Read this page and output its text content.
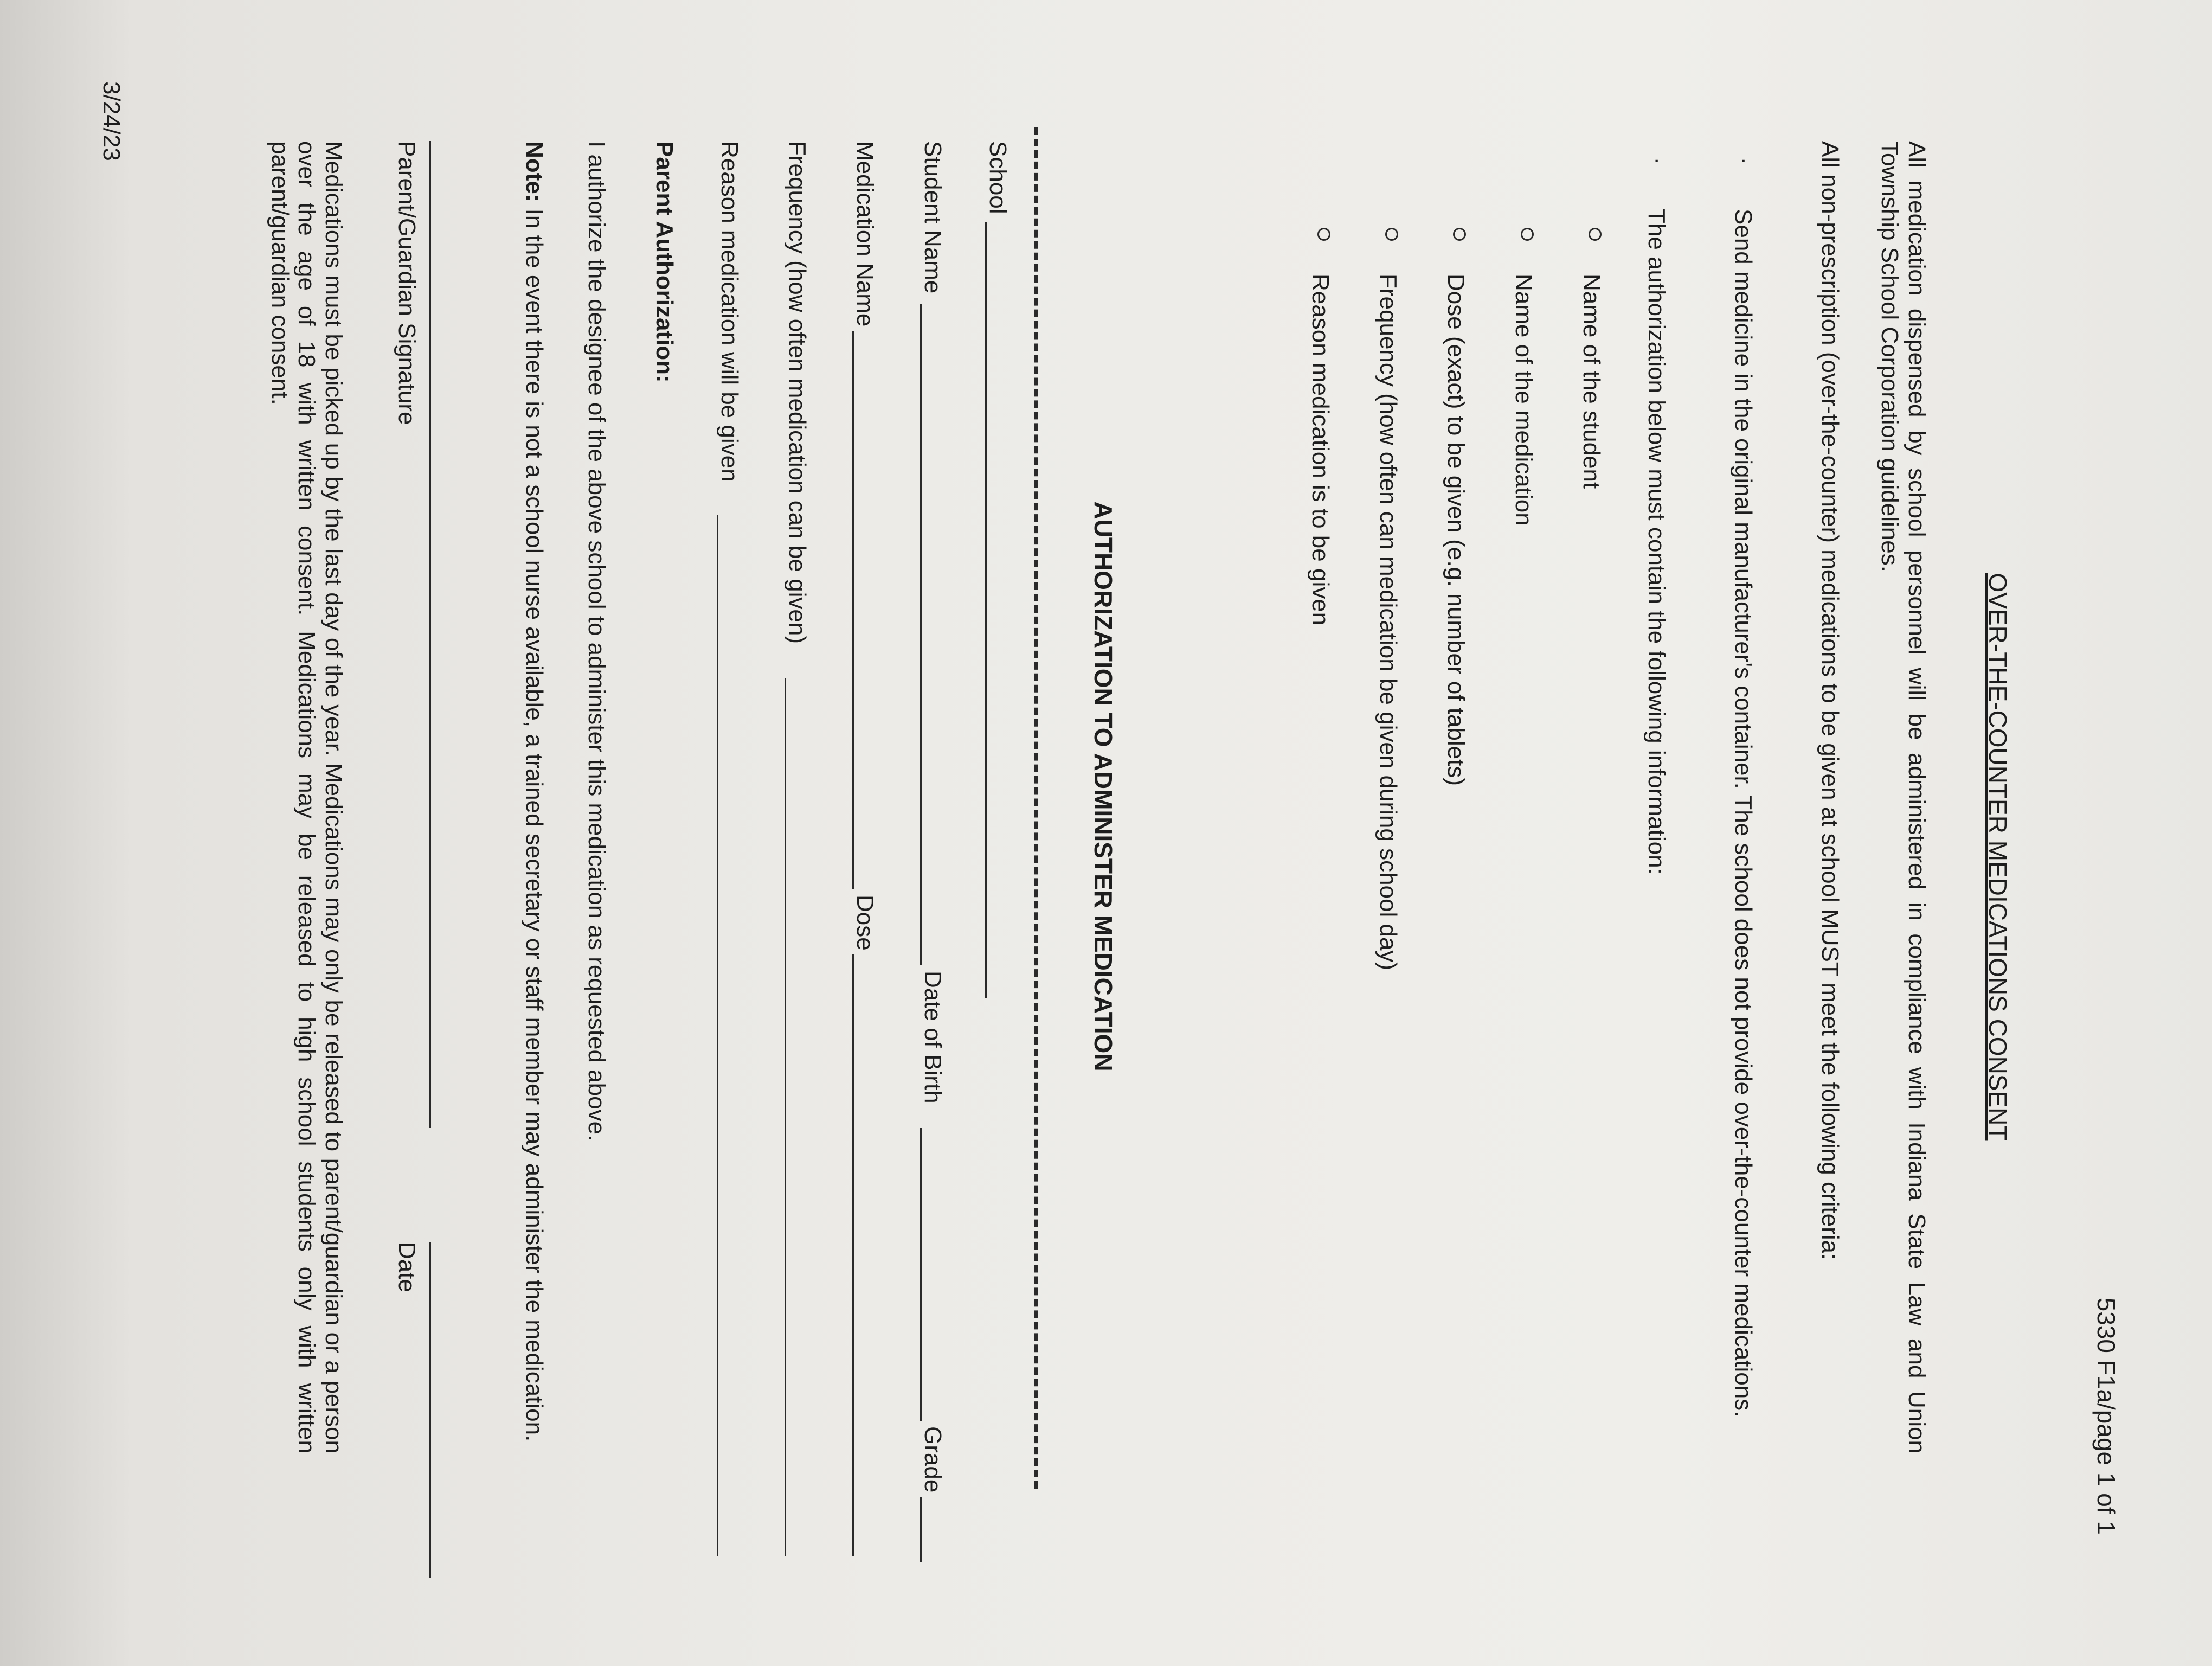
5330 F1a/page 1 of 1
OVER-THE-COUNTER MEDICATIONS CONSENT
All medication dispensed by school personnel will be administered in compliance with Indiana State Law and Union Township School Corporation guidelines.
All non-prescription (over-the-counter) medications to be given at school MUST meet the following criteria:
·
Send medicine in the original manufacturer's container. The school does not provide over-the-counter medications.
·
The authorization below must contain the following information:
Name of the student
Name of the medication
Dose (exact) to be given (e.g. number of tablets)
Frequency (how often can medication be given during school day)
Reason medication is to be given
AUTHORIZATION TO ADMINISTER MEDICATION
School
Student Name
Date of Birth
Grade
Medication Name
Dose
Frequency (how often medication can be given)
Reason medication will be given
Parent Authorization:
I authorize the designee of the above school to administer this medication as requested above.
Note: In the event there is not a school nurse available, a trained secretary or staff member may administer the medication.
Parent/Guardian Signature
Date
Medications must be picked up by the last day of the year. Medications may only be released to parent/guardian or a person over the age of 18 with written consent. Medications may be released to high school students only with written parent/guardian consent.
3/24/23
